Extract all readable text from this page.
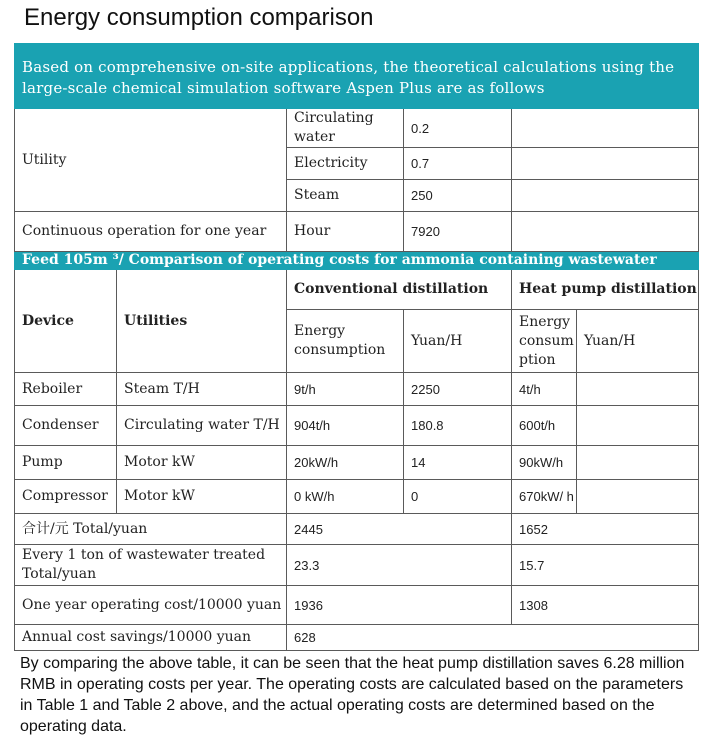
Energy consumption comparison
Based on comprehensive on-site applications, the theoretical calculations using the large-scale chemical simulation software Aspen Plus are as follows					
Utility		Circulating water	0.2		
		Electricity	0.7		
		Steam	250		
Continuous operation for one year		Hour	7920		
Feed 105m ³/ Comparison of operating costs for ammonia containing wastewater					
Device	Utilities	Conventional distillation		Heat pump distillation	
		Energy consumption	Yuan/H	Energy consum ption	Yuan/H
Reboiler	Steam T/H	9t/h	2250	4t/h	
Condenser	Circulating water T/H	904t/h	180.8	600t/h	
Pump	Motor kW	20kW/h	14	90kW/h	
Compressor	Motor kW	0 kW/h	0	670kW/ h	
合计/元 Total/yuan		2445		1652	
Every 1 ton of wastewater treated Total/yuan		23.3		15.7	
One year operating cost/10000 yuan		1936		1308	
Annual cost savings/10000 yuan		628			
By comparing the above table, it can be seen that the heat pump distillation saves 6.28 million RMB in operating costs per year. The operating costs are calculated based on the parameters in Table 1 and Table 2 above, and the actual operating costs are determined based on the operating data.
